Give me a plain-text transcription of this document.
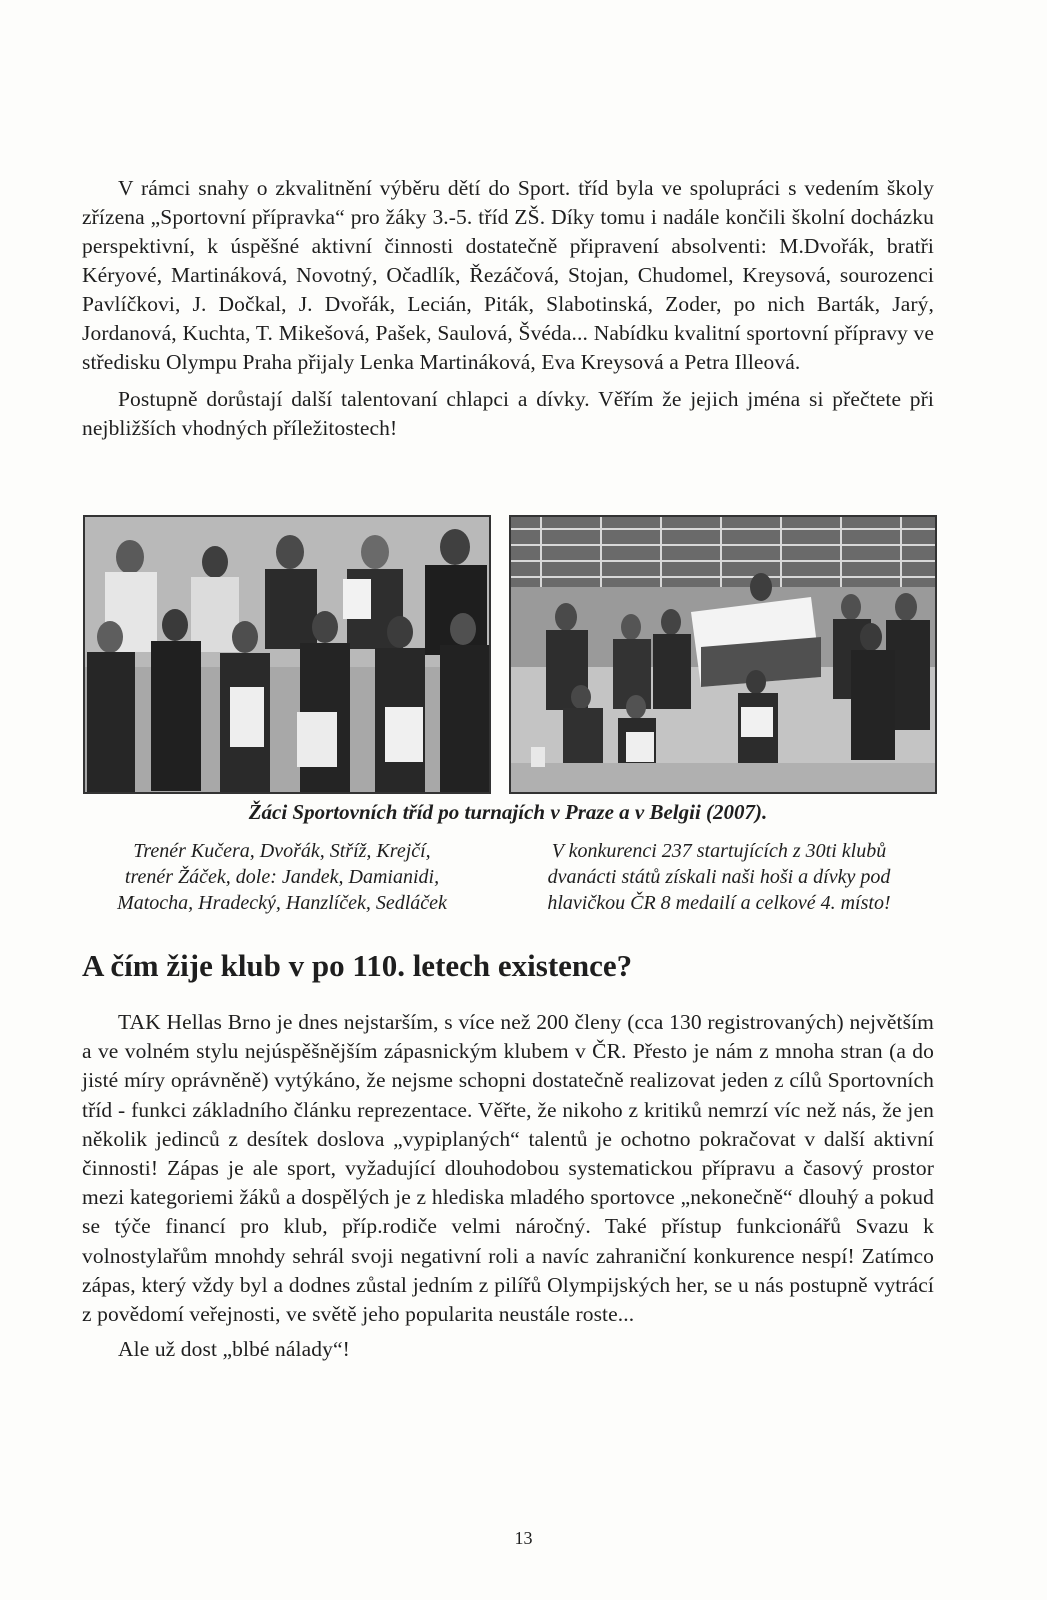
V rámci snahy o zkvalitnění výběru dětí do Sport. tříd byla ve spolupráci s vedením školy zřízena „Sportovní přípravka“ pro žáky 3.-5. tříd ZŠ. Díky tomu i nadále končili školní docházku perspektivní, k úspěšné aktivní činnosti dostatečně připravení absolventi: M.Dvořák, bratři Kéryové, Martináková, Novotný, Očadlík, Řezáčová, Stojan, Chudomel, Kreysová, sourozenci Pavlíčkovi, J. Dočkal, J. Dvořák, Lecián, Piták, Slabotinská, Zoder, po nich Barták, Jarý, Jordanová, Kuchta, T. Mikešová, Pašek, Saulová, Švéda... Nabídku kvalitní sportovní přípravy ve středisku Olympu Praha přijaly Lenka Martináková, Eva Kreysová a Petra Illeová.

Postupně dorůstají další talentovaní chlapci a dívky. Věřím že jejich jména si přečtete při nejbližších vhodných příležitostech!

Žáci Sportovních tříd po turnajích v Praze a v Belgii (2007).
Trenér Kučera, Dvořák, Stříž, Krejčí,
trenér Žáček, dole: Jandek, Damianidi,
Matocha, Hradecký, Hanzlíček, Sedláček
V konkurenci 237 startujících z 30ti klubů
dvanácti států získali naši hoši a dívky pod
hlavičkou ČR 8 medailí a celkové 4. místo!
A čím žije klub v po 110. letech existence?

TAK Hellas Brno je dnes nejstarším, s více než 200 členy (cca 130 registrovaných) největším a ve volném stylu nejúspěšnějším zápasnickým klubem v ČR. Přesto je nám z mnoha stran (a do jisté míry oprávněně) vytýkáno, že nejsme schopni dostatečně realizovat jeden z cílů Sportovních tříd - funkci základního článku reprezentace. Věřte, že nikoho z kritiků nemrzí víc než nás, že jen několik jedinců z desítek doslova „vypiplaných“ talentů je ochotno pokračovat v další aktivní činnosti! Zápas je ale sport, vyžadující dlouhodobou systematickou přípravu a časový prostor mezi kategoriemi žáků a dospělých je z hlediska mladého sportovce „nekonečně“ dlouhý a pokud se týče financí pro klub, příp.rodiče velmi náročný. Také přístup funkcionářů Svazu k volnostylařům mnohdy sehrál svoji negativní roli a navíc zahraniční konkurence nespí! Zatímco zápas, který vždy byl a dodnes zůstal jedním z pilířů Olympijských her, se u nás postupně vytrácí z povědomí veřejnosti, ve světě jeho popularita neustále roste...

Ale už dost „blbé nálady“!

13
